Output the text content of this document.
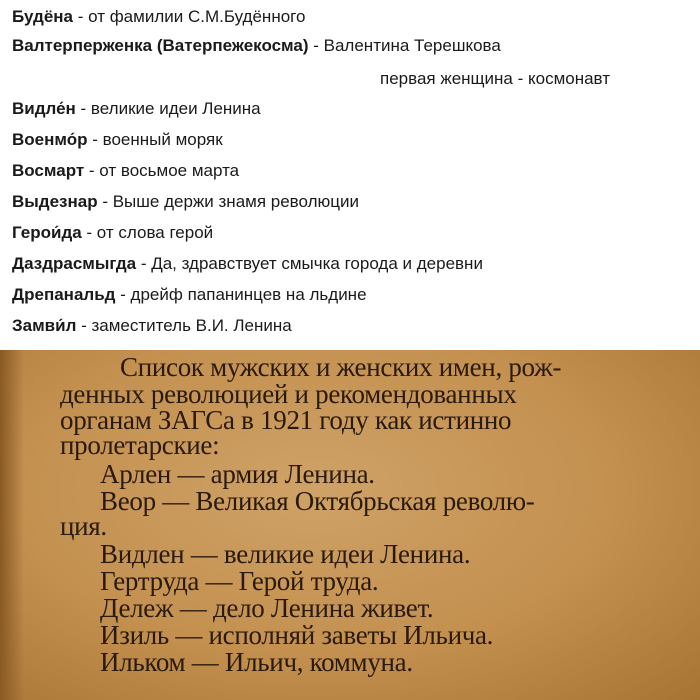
Будёна - от фамилии С.М.Будённого
Валтерперженка (Ватерпежекосма) - Валентина Терешкова
первая женщина - космонавт
Видле́н - великие идеи Ленина
Военмо́р - военный моряк
Восмарт - от восьмое марта
Выдезнар - Выше держи знамя революции
Герои́да - от слова герой
Даздрасмыгда - Да, здравствует смычка города и деревни
Дрепанальд - дрейф папанинцев на льдине
Замви́л - заместитель В.И. Ленина
Список мужских и женских имен, рож-
денных революцией и рекомендованных
органам ЗАГСа в 1921 году как истинно
пролетарские:
Арлен — армия Ленина.
Веор — Великая Октябрьская револю-
ция.
Видлен — великие идеи Ленина.
Гертруда — Герой труда.
Дележ — дело Ленина живет.
Изиль — исполняй заветы Ильича.
Ильком — Ильич, коммуна.
